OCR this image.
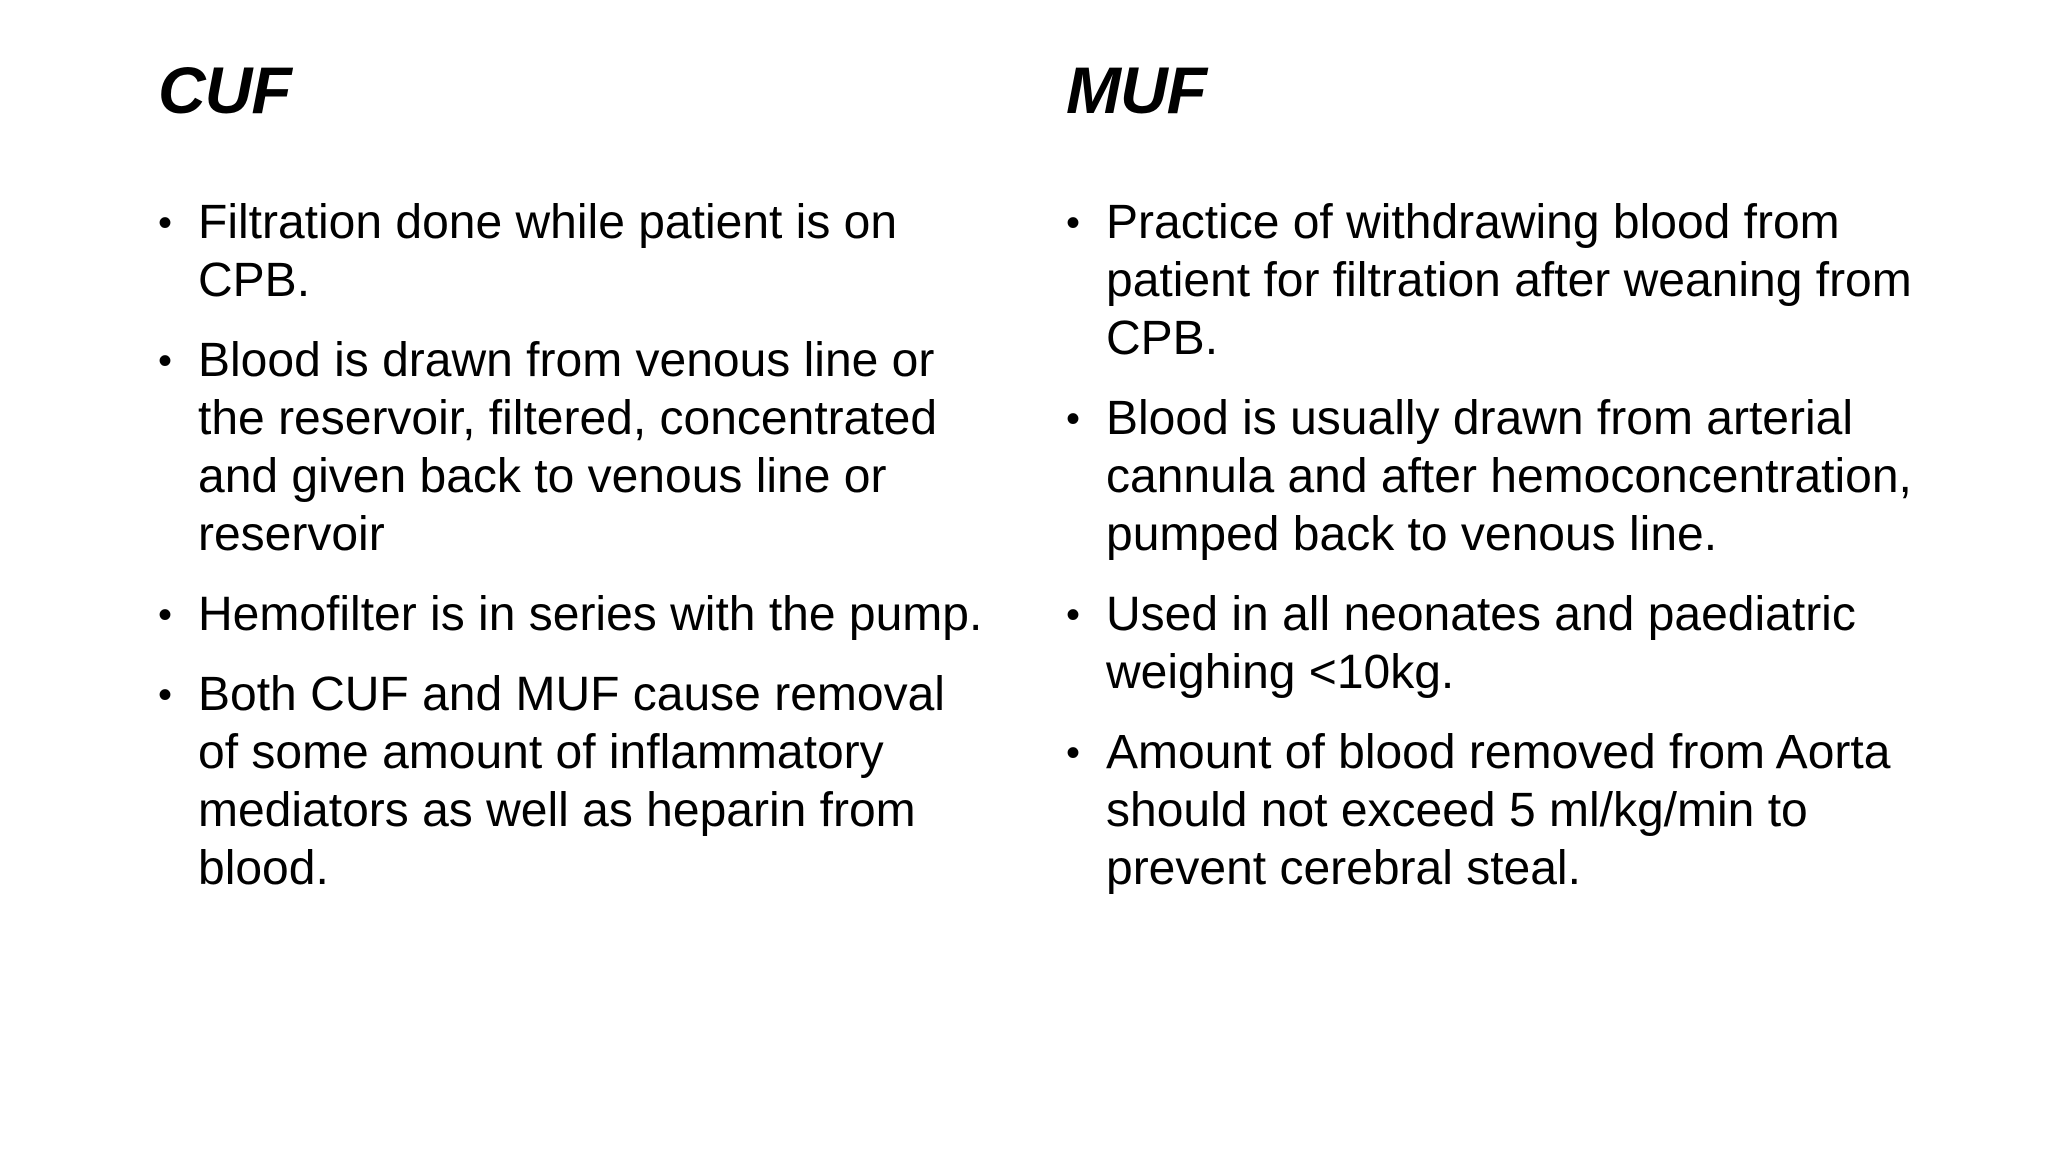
CUF
• Filtration done while patient is on CPB.
• Blood is drawn from venous line or the reservoir, filtered, concentrated and given back to venous line or reservoir
• Hemofilter is in series with the pump.
• Both CUF and MUF cause removal of some amount of inflammatory mediators as well as heparin from blood.
MUF
• Practice of withdrawing blood from patient for filtration after weaning from CPB.
• Blood is usually drawn from arterial cannula and after hemoconcentration, pumped back to venous line.
• Used in all neonates and paediatric weighing <10kg.
• Amount of blood removed from Aorta should not exceed 5 ml/kg/min to prevent cerebral steal.
